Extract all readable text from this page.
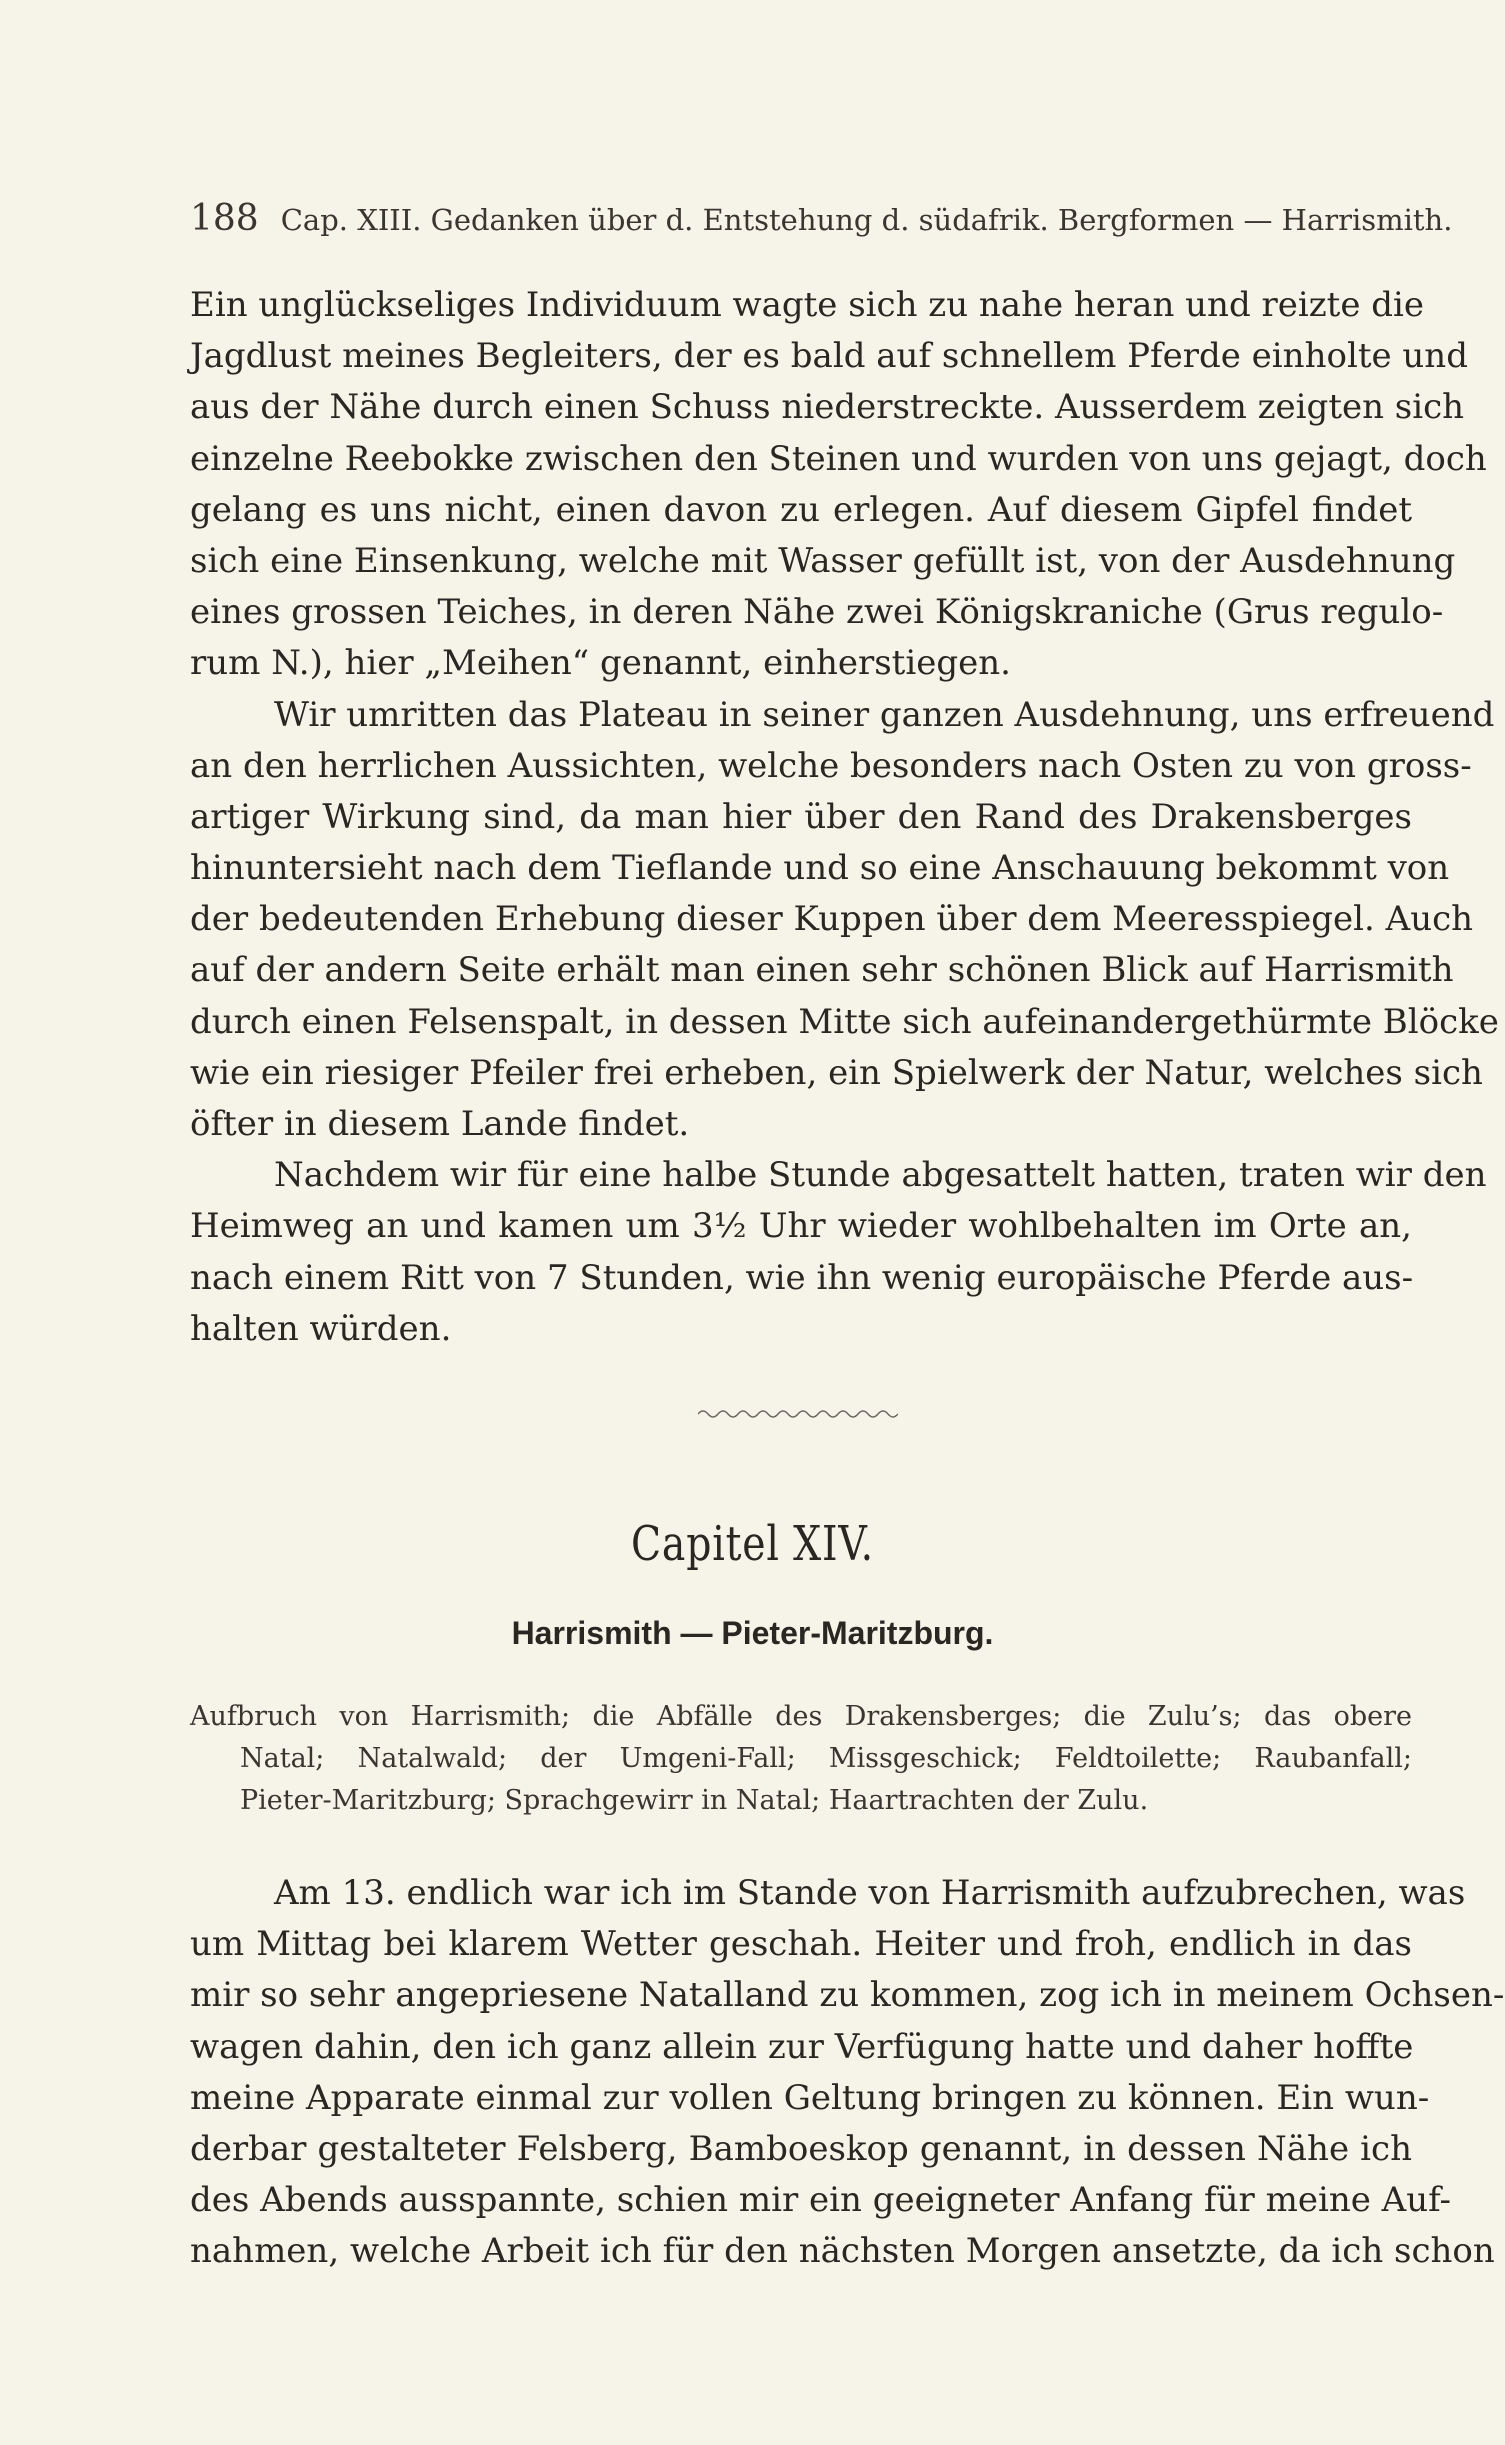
188 Cap. XIII. Gedanken über d. Entstehung d. südafrik. Bergformen — Harrismith.
Ein unglückseliges Individuum wagte sich zu nahe heran und reizte die
Jagdlust meines Begleiters, der es bald auf schnellem Pferde einholte und
aus der Nähe durch einen Schuss niederstreckte. Ausserdem zeigten sich
einzelne Reebokke zwischen den Steinen und wurden von uns gejagt, doch
gelang es uns nicht, einen davon zu erlegen. Auf diesem Gipfel findet
sich eine Einsenkung, welche mit Wasser gefüllt ist, von der Ausdehnung
eines grossen Teiches, in deren Nähe zwei Königskraniche (Grus regulo-
rum N.), hier „Meihen“ genannt, einherstiegen.
Wir umritten das Plateau in seiner ganzen Ausdehnung, uns erfreuend
an den herrlichen Aussichten, welche besonders nach Osten zu von gross-
artiger Wirkung sind, da man hier über den Rand des Drakensberges
hinuntersieht nach dem Tieflande und so eine Anschauung bekommt von
der bedeutenden Erhebung dieser Kuppen über dem Meeresspiegel. Auch
auf der andern Seite erhält man einen sehr schönen Blick auf Harrismith
durch einen Felsenspalt, in dessen Mitte sich aufeinandergethürmte Blöcke
wie ein riesiger Pfeiler frei erheben, ein Spielwerk der Natur, welches sich
öfter in diesem Lande findet.
Nachdem wir für eine halbe Stunde abgesattelt hatten, traten wir den
Heimweg an und kamen um 3½ Uhr wieder wohlbehalten im Orte an,
nach einem Ritt von 7 Stunden, wie ihn wenig europäische Pferde aus-
halten würden.
Capitel XIV.
Harrismith — Pieter-Maritzburg.
Aufbruch von Harrismith; die Abfälle des Drakensberges; die Zulu’s; das obere
Natal; Natalwald; der Umgeni-Fall; Missgeschick; Feldtoilette; Raubanfall;
Pieter-Maritzburg; Sprachgewirr in Natal; Haartrachten der Zulu.
Am 13. endlich war ich im Stande von Harrismith aufzubrechen, was
um Mittag bei klarem Wetter geschah. Heiter und froh, endlich in das
mir so sehr angepriesene Natalland zu kommen, zog ich in meinem Ochsen-
wagen dahin, den ich ganz allein zur Verfügung hatte und daher hoffte
meine Apparate einmal zur vollen Geltung bringen zu können. Ein wun-
derbar gestalteter Felsberg, Bamboeskop genannt, in dessen Nähe ich
des Abends ausspannte, schien mir ein geeigneter Anfang für meine Auf-
nahmen, welche Arbeit ich für den nächsten Morgen ansetzte, da ich schon
